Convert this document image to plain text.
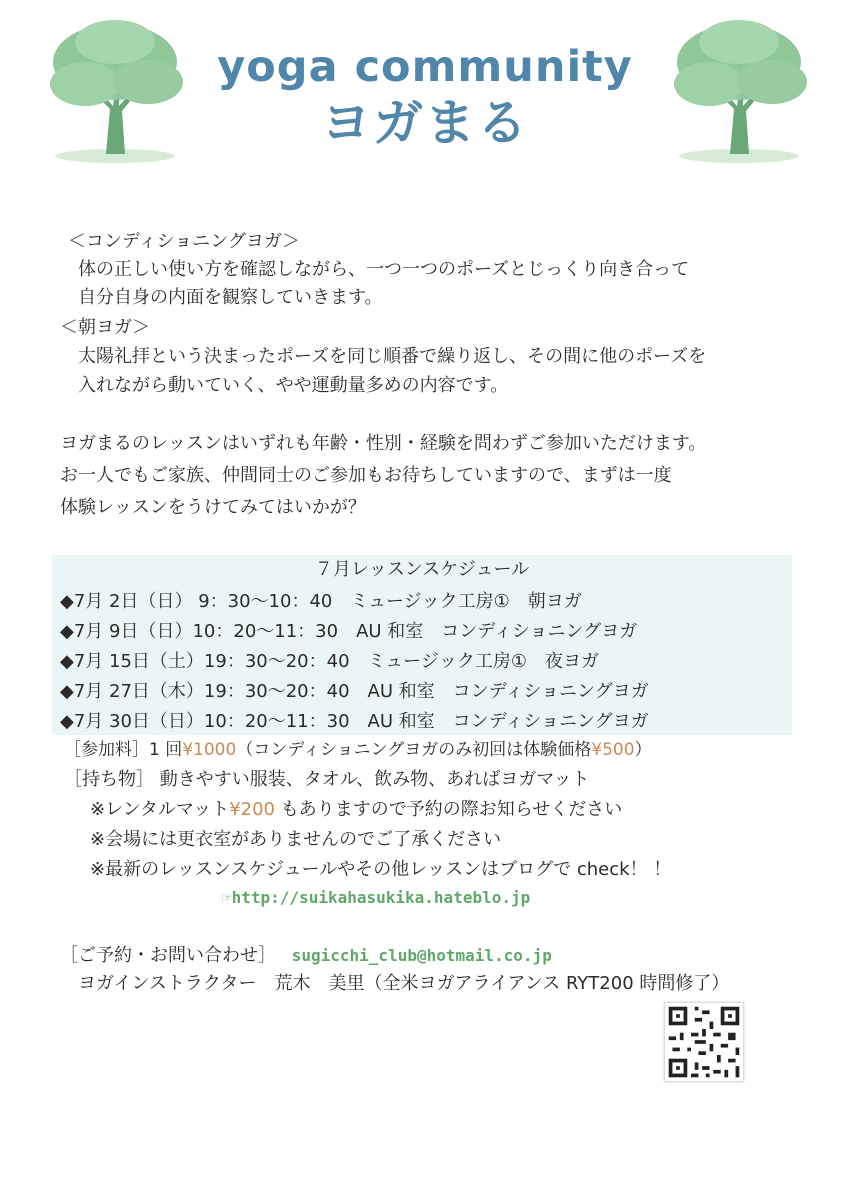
yoga community
ヨガまる
＜コンディショニングヨガ＞
体の正しい使い方を確認しながら、一つ一つのポーズとじっくり向き合って
自分自身の内面を観察していきます。
＜朝ヨガ＞
太陽礼拝という決まったポーズを同じ順番で繰り返し、その間に他のポーズを
入れながら動いていく、やや運動量多めの内容です。
ヨガまるのレッスンはいずれも年齢・性別・経験を問わずご参加いただけます。
お一人でもご家族、仲間同士のご参加もお待ちしていますので、まずは一度
体験レッスンをうけてみてはいかが？
７月レッスンスケジュール
◆7月 2日（日） 9：30～10：40　ミュージック工房①　朝ヨガ
◆7月 9日（日）10：20～11：30　AU 和室　コンディショニングヨガ
◆7月 15日（土）19：30～20：40　ミュージック工房①　夜ヨガ
◆7月 27日（木）19：30～20：40　AU 和室　コンディショニングヨガ
◆7月 30日（日）10：20～11：30　AU 和室　コンディショニングヨガ
［参加料］1 回¥1000（コンディショニングヨガのみ初回は体験価格¥500）
［持ち物］ 動きやすい服装、タオル、飲み物、あればヨガマット
※レンタルマット¥200 もありますので予約の際お知らせください
※会場には更衣室がありませんのでご了承ください
※最新のレッスンスケジュールやその他レッスンはブログで check！ ！
☞http://suikahasukika.hateblo.jp
［ご予約・お問い合わせ］ sugicchi_club@hotmail.co.jp
ヨガインストラクター　荒木　美里（全米ヨガアライアンス RYT200 時間修了）
